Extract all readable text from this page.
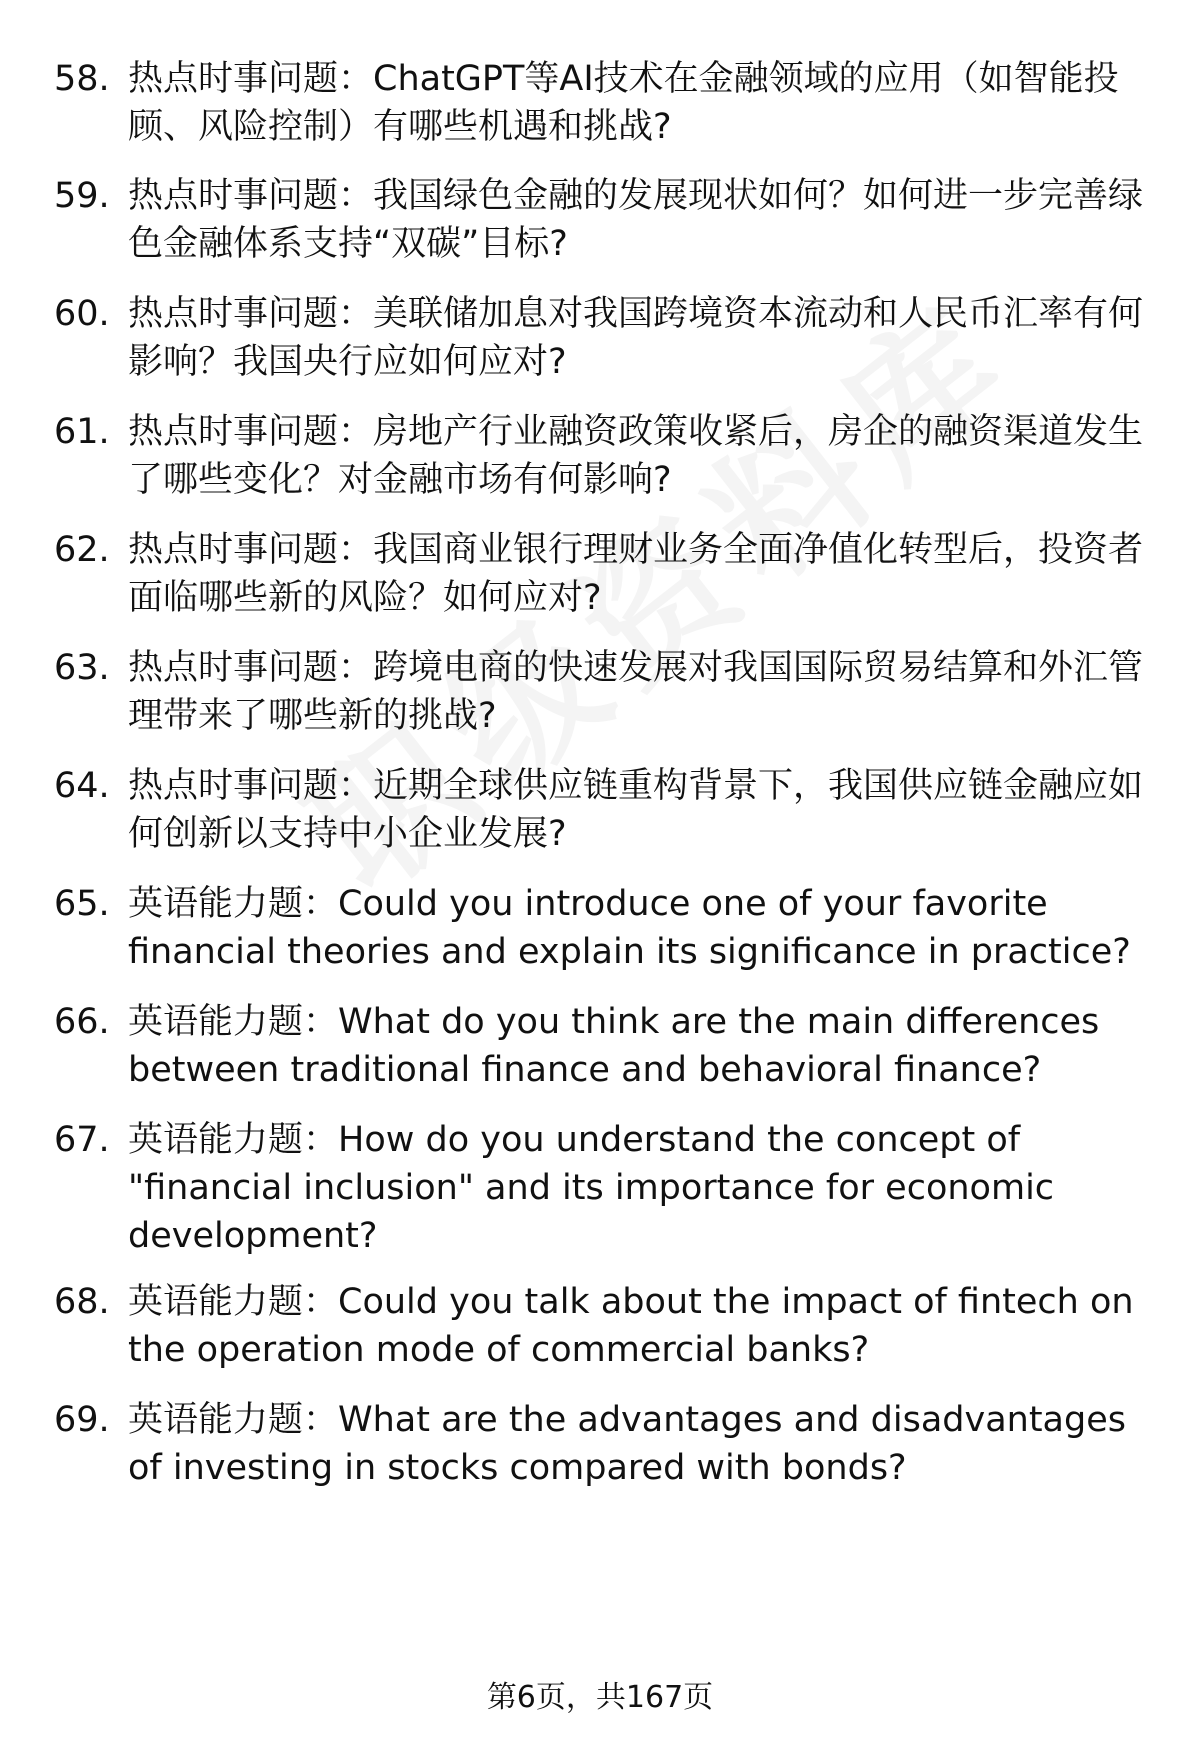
58. 热点时事问题：ChatGPT等AI技术在金融领域的应用（如智能投顾、风险控制）有哪些机遇和挑战?
59. 热点时事问题：我国绿色金融的发展现状如何？如何进一步完善绿色金融体系支持“双碳”目标?
60. 热点时事问题：美联储加息对我国跨境资本流动和人民币汇率有何影响？我国央行应如何应对?
61. 热点时事问题：房地产行业融资政策收紧后，房企的融资渠道发生了哪些变化？对金融市场有何影响?
62. 热点时事问题：我国商业银行理财业务全面净值化转型后，投资者面临哪些新的风险？如何应对?
63. 热点时事问题：跨境电商的快速发展对我国国际贸易结算和外汇管理带来了哪些新的挑战?
64. 热点时事问题：近期全球供应链重构背景下，我国供应链金融应如何创新以支持中小企业发展?
65. 英语能力题：Could you introduce one of your favorite financial theories and explain its significance in practice?
66. 英语能力题：What do you think are the main differences between traditional finance and behavioral finance?
67. 英语能力题：How do you understand the concept of "financial inclusion" and its importance for economic development?
68. 英语能力题：Could you talk about the impact of fintech on the operation mode of commercial banks?
69. 英语能力题：What are the advantages and disadvantages of investing in stocks compared with bonds?
第6页，共167页
